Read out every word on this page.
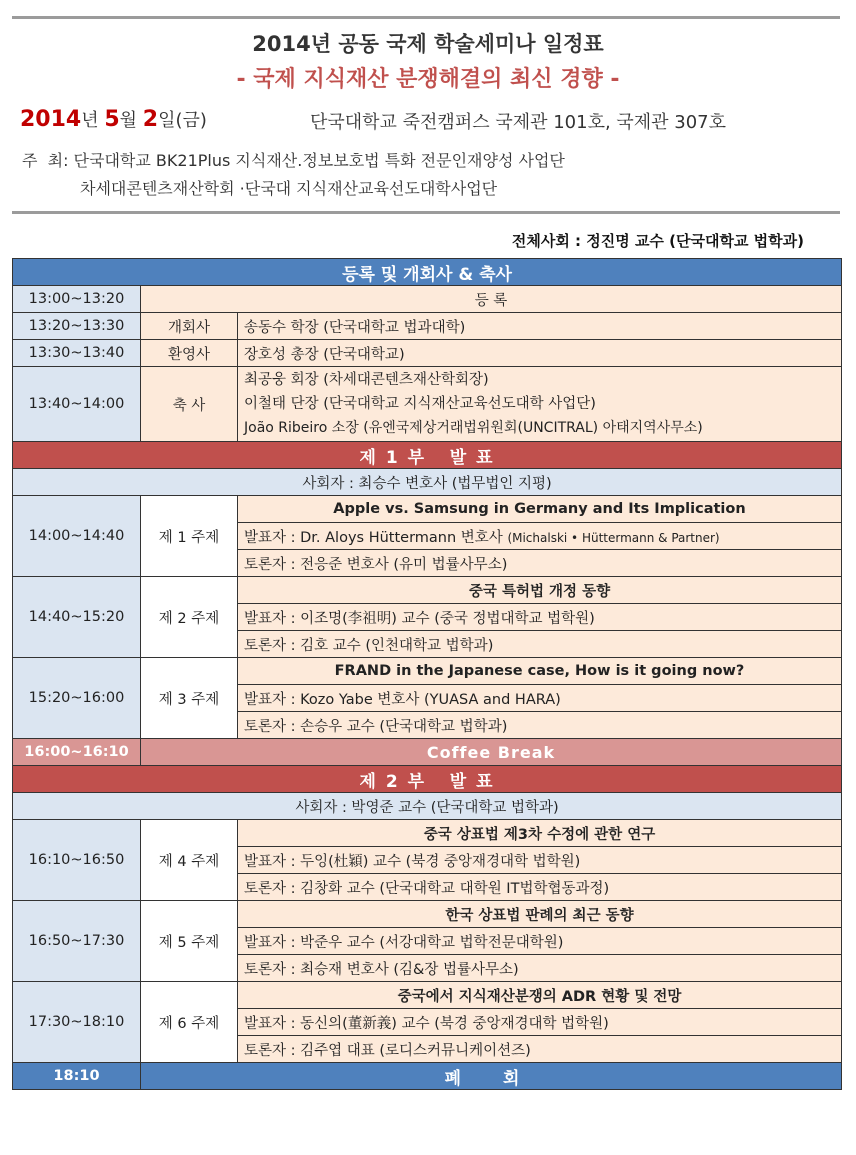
2014년 공동 국제 학술세미나 일정표
- 국제 지식재산 분쟁해결의 최신 경향 -
2014년 5월 2일(금)	단국대학교 죽전캠퍼스 국제관 101호, 국제관 307호
주  최: 단국대학교 BK21Plus 지식재산.정보보호법 특화 전문인재양성 사업단
차세대콘텐츠재산학회 ·단국대 지식재산교육선도대학사업단
전체사회 : 정진명 교수 (단국대학교 법학과)
등록 및 개회사 & 축사		
13:00~13:20	등 록	
13:20~13:30	개회사	송동수 학장 (단국대학교 법과대학)
13:30~13:40	환영사	장호성 총장 (단국대학교)
13:40~14:00	축 사	최공웅 회장 (차세대콘텐츠재산학회장)
이철태 단장 (단국대학교 지식재산교육선도대학 사업단)
João Ribeiro 소장 (유엔국제상거래법위원회(UNCITRAL) 아태지역사무소)

제 1 부   발 표		
사회자 : 최승수 변호사 (법무법인 지평)		
14:00~14:40	제 1 주제	Apple vs. Samsung in Germany and Its Implication
		발표자 : Dr. Aloys Hüttermann 변호사 (Michalski • Hüttermann & Partner)
		토론자 : 전응준 변호사 (유미 법률사무소)
14:40~15:20	제 2 주제	중국 특허법 개정 동향
		발표자 : 이조명(李祖明) 교수 (중국 정법대학교 법학원)
		토론자 : 김호 교수 (인천대학교 법학과)
15:20~16:00	제 3 주제	FRAND in the Japanese case, How is it going now?
		발표자 : Kozo Yabe 변호사 (YUASA and HARA)
		토론자 : 손승우 교수 (단국대학교 법학과)
16:00~16:10	Coffee Break	
제 2 부   발 표		
사회자 : 박영준 교수 (단국대학교 법학과)		
16:10~16:50	제 4 주제	중국 상표법 제3차 수정에 관한 연구
		발표자 : 두잉(杜穎) 교수 (북경 중앙재경대학 법학원)
		토론자 : 김창화 교수 (단국대학교 대학원 IT법학협동과정)
16:50~17:30	제 5 주제	한국 상표법 판례의 최근 동향
		발표자 : 박준우 교수 (서강대학교 법학전문대학원)
		토론자 : 최승재 변호사 (김&장 법률사무소)
17:30~18:10	제 6 주제	중국에서 지식재산분쟁의 ADR 현황 및 전망
		발표자 : 동신의(董新義) 교수 (북경 중앙재경대학 법학원)
		토론자 : 김주엽 대표 (로디스커뮤니케이션즈)
18:10	폐 회	
